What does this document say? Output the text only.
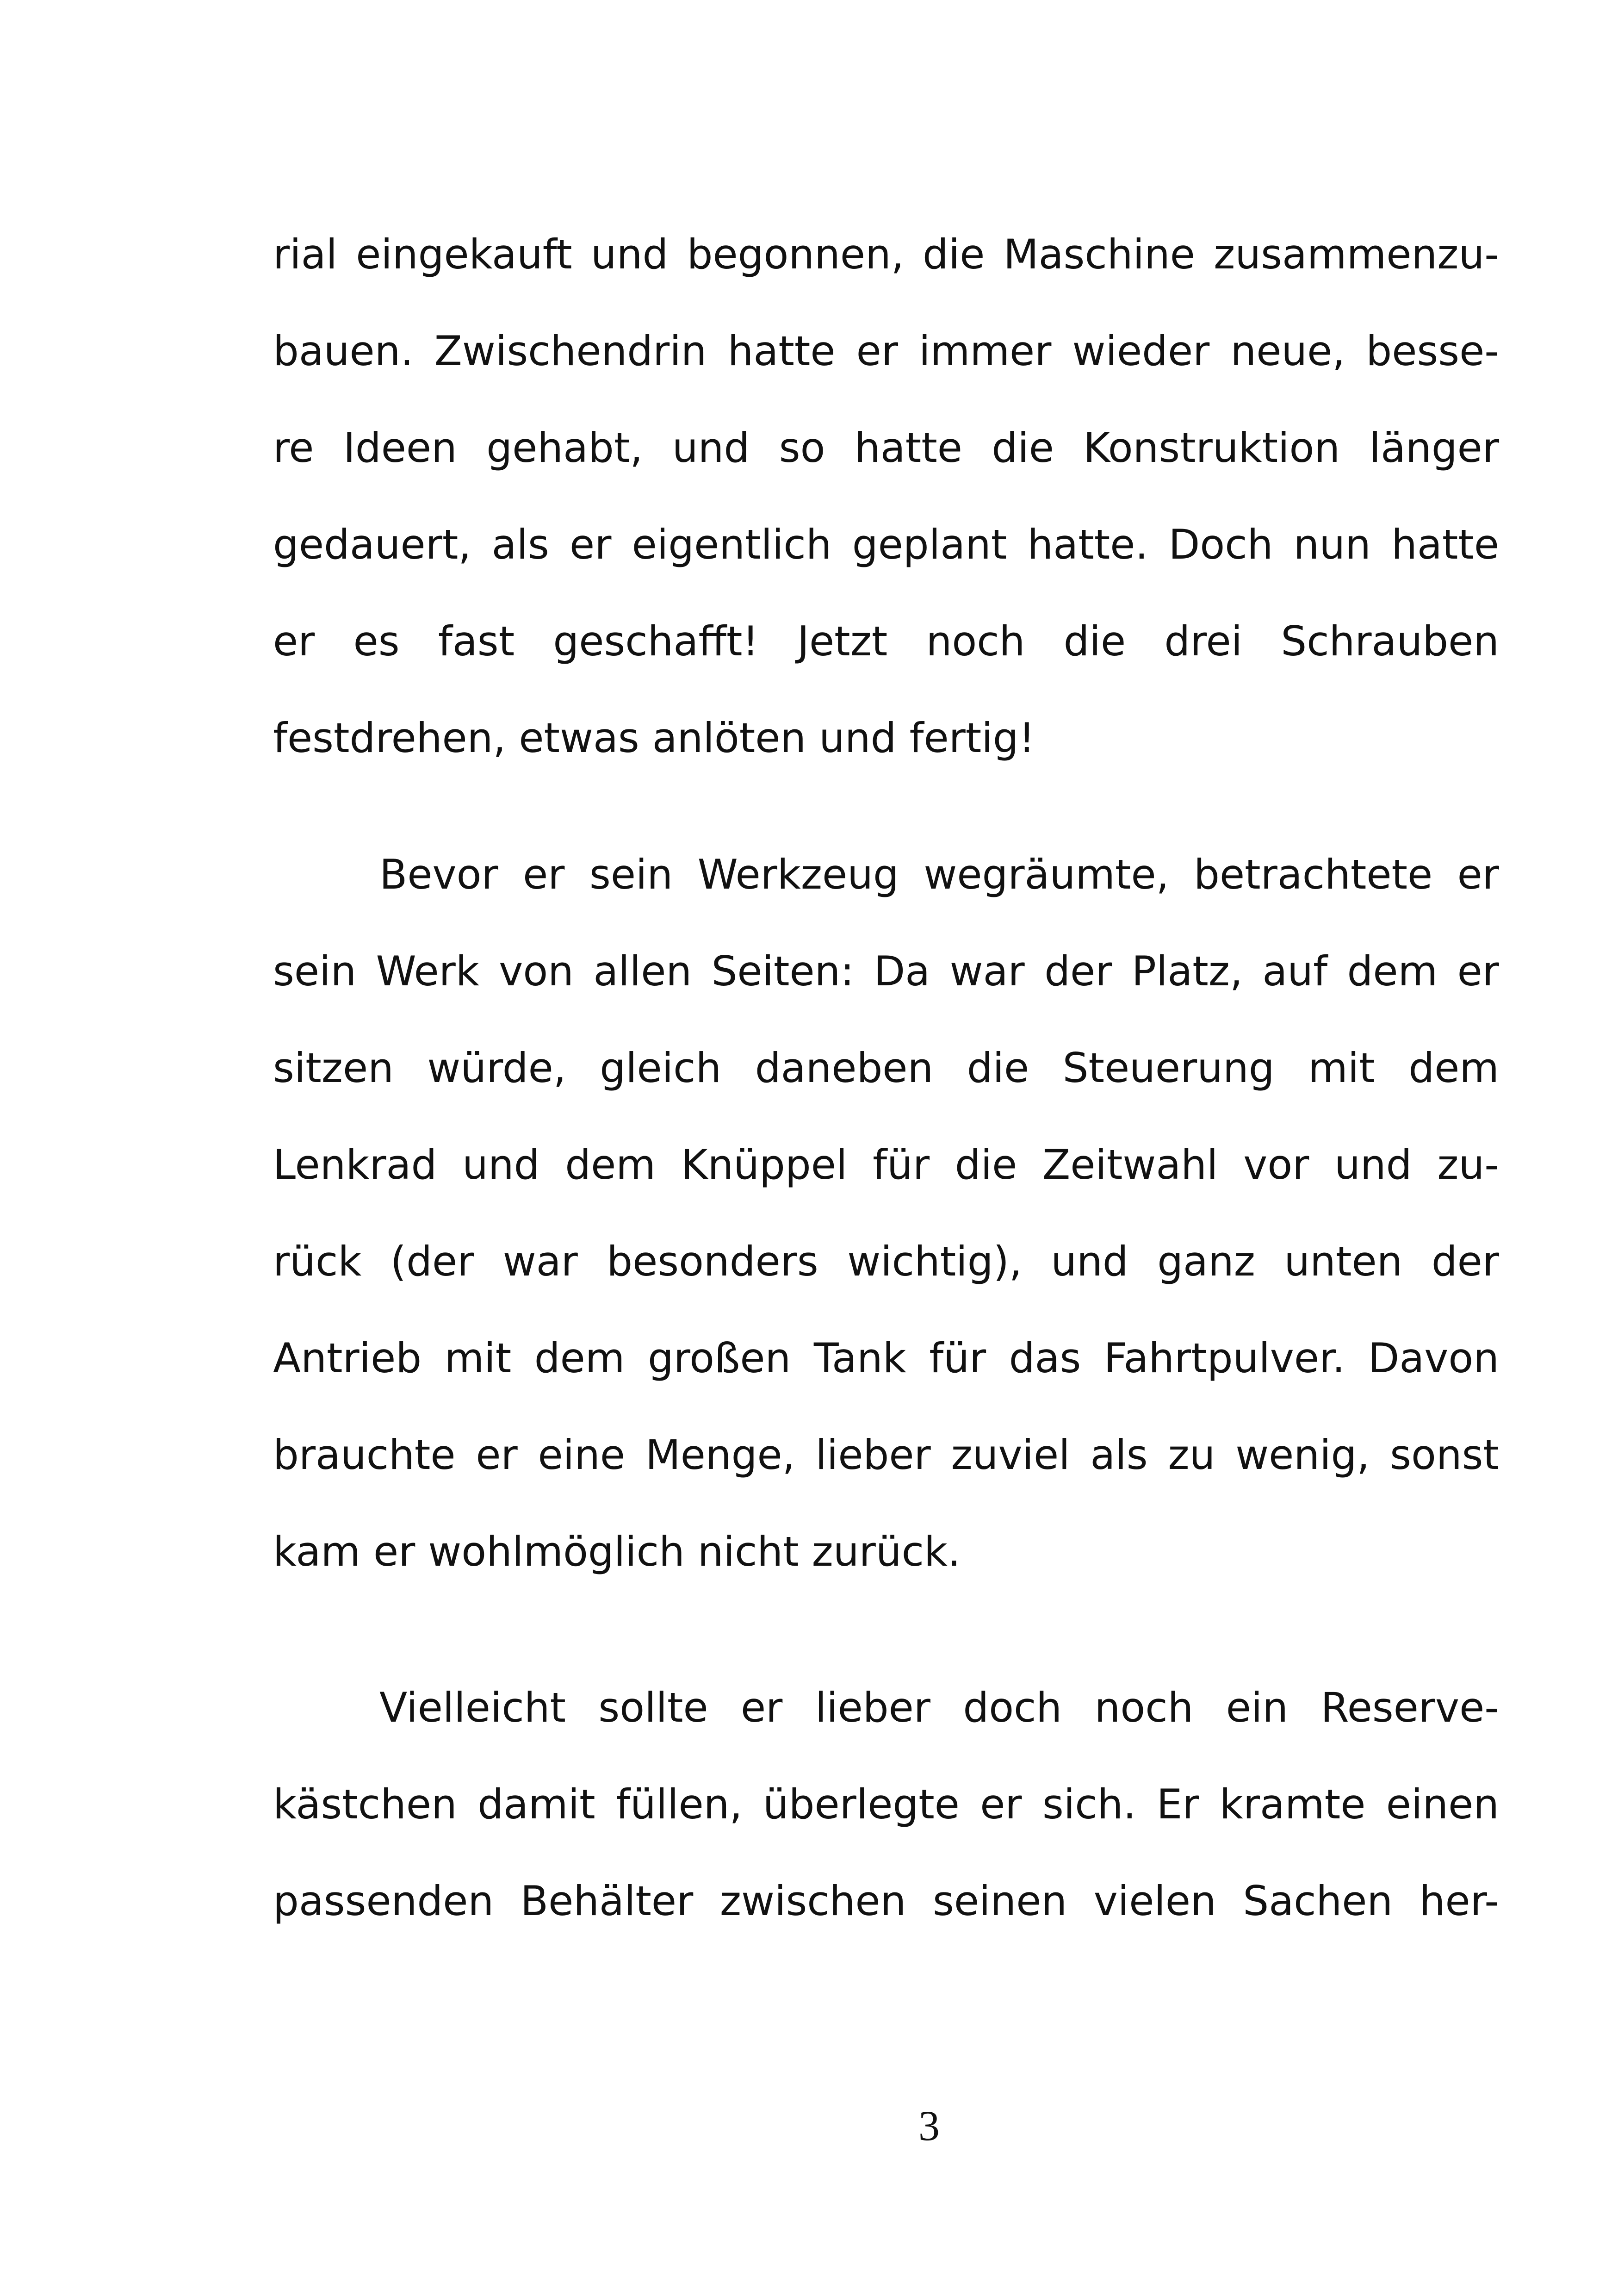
rial eingekauft und begonnen, die Maschine zusammenzu-
bauen. Zwischendrin hatte er immer wieder neue, besse-
re Ideen gehabt, und so hatte die Konstruktion länger
gedauert, als er eigentlich geplant hatte. Doch nun hatte
er es fast geschafft! Jetzt noch die drei Schrauben
festdrehen, etwas anlöten und fertig!
Bevor er sein Werkzeug wegräumte, betrachtete er
sein Werk von allen Seiten: Da war der Platz, auf dem er
sitzen würde, gleich daneben die Steuerung mit dem
Lenkrad und dem Knüppel für die Zeitwahl vor und zu-
rück (der war besonders wichtig), und ganz unten der
Antrieb mit dem großen Tank für das Fahrtpulver. Davon
brauchte er eine Menge, lieber zuviel als zu wenig, sonst
kam er wohlmöglich nicht zurück.
Vielleicht sollte er lieber doch noch ein Reserve-
kästchen damit füllen, überlegte er sich. Er kramte einen
passenden Behälter zwischen seinen vielen Sachen her-
3
